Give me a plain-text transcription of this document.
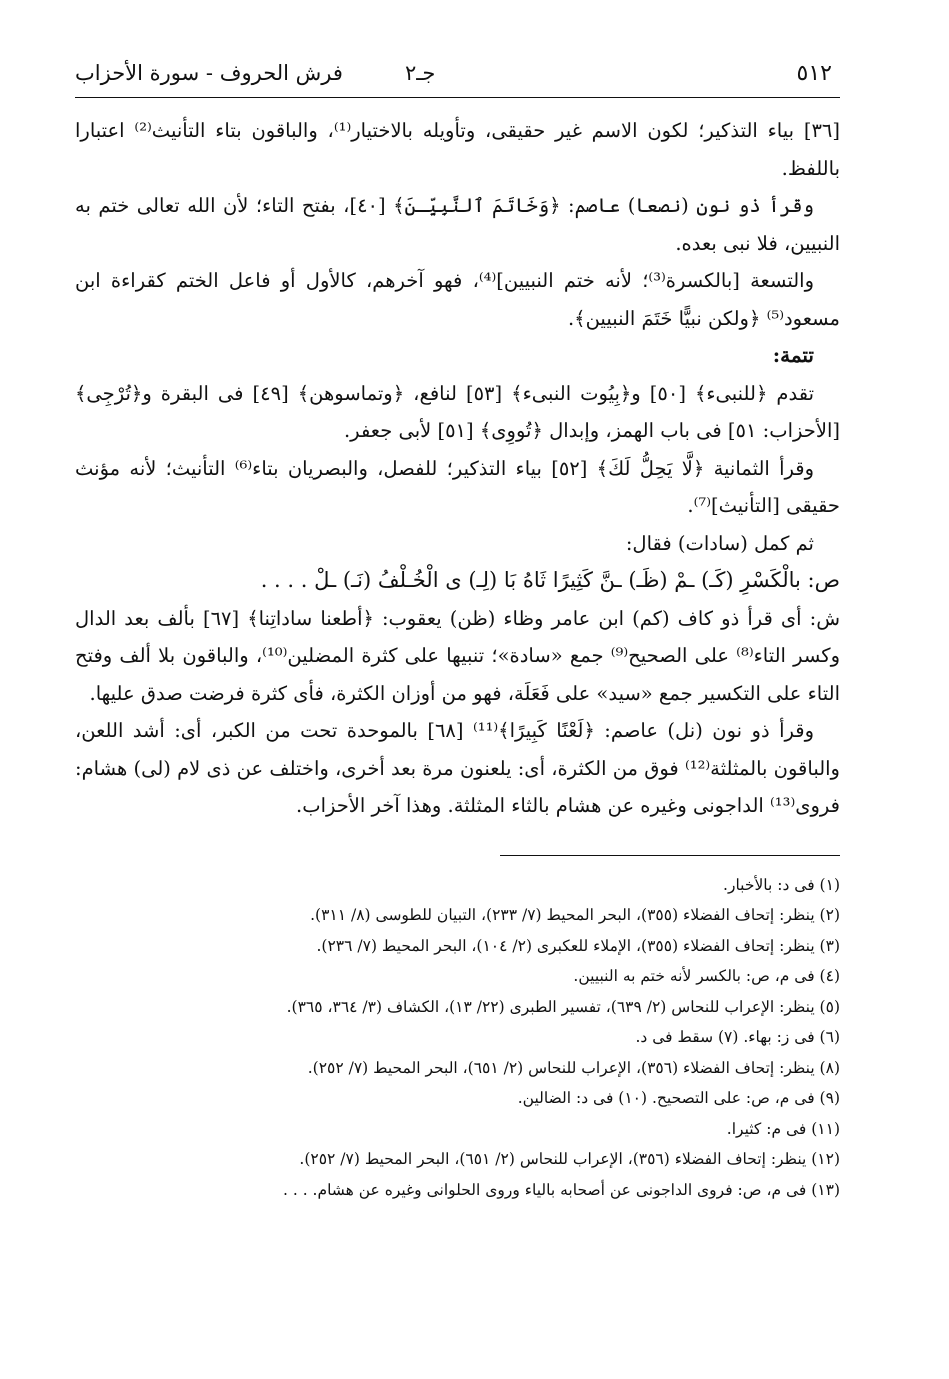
٥١٢
جـ٢
فرش الحروف - سورة الأحزاب

[٣٦] بياء التذكير؛ لكون الاسم غير حقيقى، وتأويله بالاختيار⁽¹⁾، والباقون بتاء التأنيث⁽²⁾ اعتبارا باللفظ.

وقرأ ذو نون (نصعا) عاصم: ﴿وَخَاتَمَ ٱلنَّبِيِّـنَ﴾ [٤٠]، بفتح التاء؛ لأن الله تعالى ختم به النبيين، فلا نبى بعده.

والتسعة [بالكسرة⁽³⁾؛ لأنه ختم النبيين]⁽⁴⁾، فهو آخرهم، كالأول أو فاعل الختم كقراءة ابن مسعود⁽⁵⁾ ﴿ولكن نبيًّا خَتَمَ النبيين﴾.

تتمة:

تقدم ﴿للنبىء﴾ [٥٠] و﴿بِيُوت النبىء﴾ [٥٣] لنافع، ﴿وتماسوهن﴾ [٤٩] فى البقرة و﴿تُرْجِى﴾ [الأحزاب: ٥١] فى باب الهمز، وإبدال ﴿تُووِى﴾ [٥١] لأبى جعفر.

وقرأ الثمانية ﴿لَّا يَحِلُّ لَكَ﴾ [٥٢] بياء التذكير؛ للفصل، والبصريان بتاء⁽⁶⁾ التأنيث؛ لأنه مؤنث حقيقى [التأنيث]⁽⁷⁾.

ثم كمل (سادات) فقال:

ص: بالْكَسْرِ (كَـ) ـمْ (ظَـ) ـنَّ كَثِيرًا ثَاهُ بَا (لِـ) ى الْخُـلْفُ (نَـ) ـلْ . . . .

ش: أى قرأ ذو كاف (كم) ابن عامر وظاء (ظن) يعقوب: ﴿أطعنا ساداتِنا﴾ [٦٧] بألف بعد الدال وكسر التاء⁽⁸⁾ على الصحيح⁽⁹⁾ جمع «سادة»؛ تنبيها على كثرة المضلين⁽¹⁰⁾، والباقون بلا ألف وفتح التاء على التكسير جمع «سيد» على فَعَلَة، فهو من أوزان الكثرة، فأى كثرة فرضت صدق عليها.

وقرأ ذو نون (نل) عاصم: ﴿لَعْنًا كَبِيرًا﴾⁽¹¹⁾ [٦٨] بالموحدة تحت من الكبر، أى: أشد اللعن، والباقون بالمثلثة⁽¹²⁾ فوق من الكثرة، أى: يلعنون مرة بعد أخرى، واختلف عن ذى لام (لى) هشام: فروى⁽¹³⁾ الداجونى وغيره عن هشام بالثاء المثلثة. وهذا آخر الأحزاب.

(١) فى د: بالأخبار.
(٢) ينظر: إتحاف الفضلاء (٣٥٥)، البحر المحيط (٧/ ٢٣٣)، التبيان للطوسى (٨/ ٣١١).
(٣) ينظر: إتحاف الفضلاء (٣٥٥)، الإملاء للعكبرى (٢/ ١٠٤)، البحر المحيط (٧/ ٢٣٦).
(٤) فى م، ص: بالكسر لأنه ختم به النبيين.
(٥) ينظر: الإعراب للنحاس (٢/ ٦٣٩)، تفسير الطبرى (٢٢/ ١٣)، الكشاف (٣/ ٣٦٤، ٣٦٥).
(٦) فى ز: بهاء. (٧) سقط فى د.
(٨) ينظر: إتحاف الفضلاء (٣٥٦)، الإعراب للنحاس (٢/ ٦٥١)، البحر المحيط (٧/ ٢٥٢).
(٩) فى م، ص: على التصحيح. (١٠) فى د: الضالين.
(١١) فى م: كثيرا.
(١٢) ينظر: إتحاف الفضلاء (٣٥٦)، الإعراب للنحاس (٢/ ٦٥١)، البحر المحيط (٧/ ٢٥٢).
(١٣) فى م، ص: فروى الداجونى عن أصحابه بالياء وروى الحلوانى وغيره عن هشام. . . .
